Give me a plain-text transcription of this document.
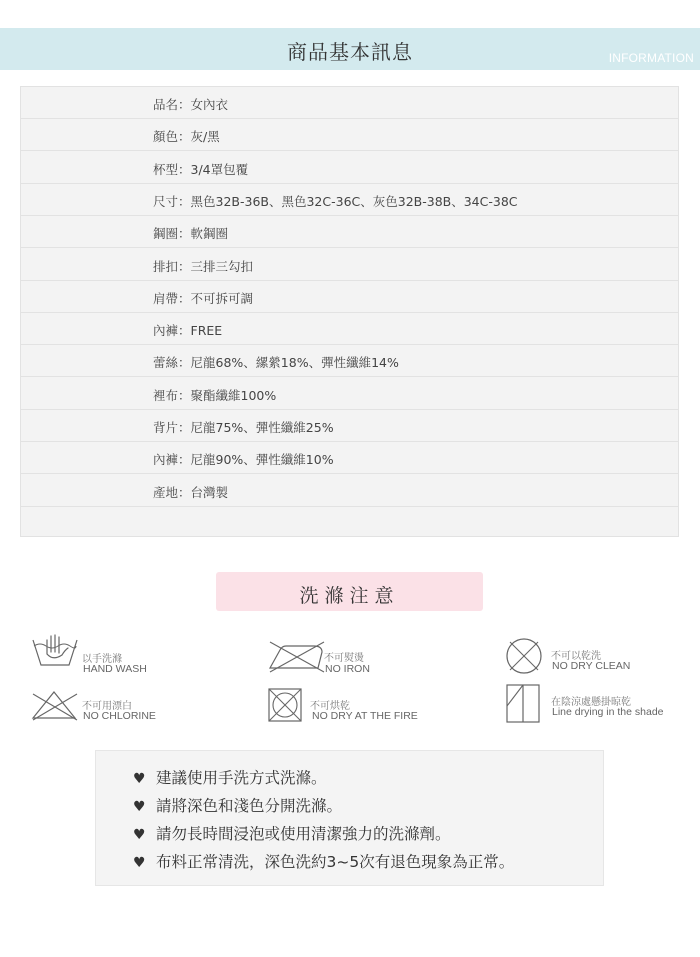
商品基本訊息	INFORMATION
品名：女內衣
顏色：灰/黑
杯型：3/4罩包覆
尺寸：黑色32B-36B、黑色32C-36C、灰色32B-38B、34C-38C
鋼圈：軟鋼圈
排扣：三排三勾扣
肩帶：不可拆可調
內褲：FREE
蕾絲：尼龍68%、縲縈18%、彈性纖維14%
裡布：聚酯纖維100%
背片：尼龍75%、彈性纖維25%
內褲：尼龍90%、彈性纖維10%
產地：台灣製
洗滌注意
以手洗滌
HAND WASH
不可熨燙
NO IRON
不可以乾洗
NO DRY CLEAN
不可用漂白
NO CHLORINE
不可烘乾
NO DRY AT THE FIRE
在陰涼處懸掛晾乾
Line drying in the shade
♥ 建議使用手洗方式洗滌。
♥ 請將深色和淺色分開洗滌。
♥ 請勿長時間浸泡或使用清潔強力的洗滌劑。
♥ 布料正常清洗，深色洗約3~5次有退色現象為正常。
